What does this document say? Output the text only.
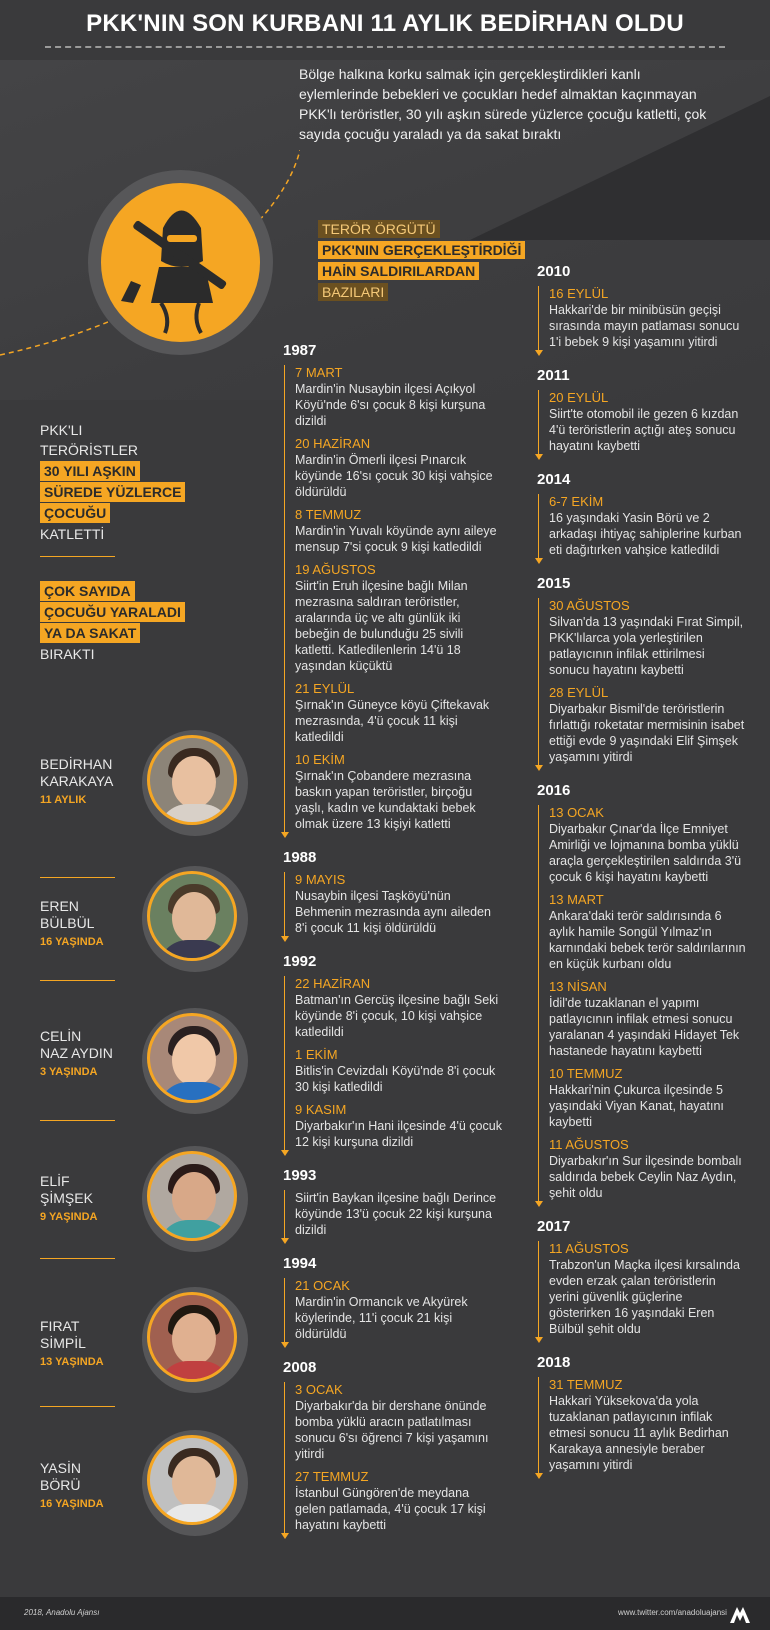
PKK'NIN SON KURBANI 11 AYLIK BEDİRHAN OLDU
Bölge halkına korku salmak için gerçekleştirdikleri kanlı eylemlerinde bebekleri ve çocukları hedef almaktan kaçınmayan PKK'lı teröristler, 30 yılı aşkın sürede yüzlerce çocuğu katletti, çok sayıda çocuğu yaraladı ya da sakat bıraktı
TERÖR ÖRGÜTÜ
PKK'NIN GERÇEKLEŞTİRDİĞİ
HAİN SALDIRILARDAN
BAZILARI
PKK'LI
TERÖRİSTLER
30 YILI AŞKIN
SÜREDE YÜZLERCE
ÇOCUĞU
KATLETTİ
ÇOK SAYIDA
ÇOCUĞU YARALADI
YA DA SAKAT
BIRAKTI
BEDİRHAN
KARAKAYA
11 AYLIK
EREN
BÜLBÜL
16 YAŞINDA
CELİN
NAZ AYDIN
3 YAŞINDA
ELİF
ŞİMŞEK
9 YAŞINDA
FIRAT
SİMPİL
13 YAŞINDA
YASİN
BÖRÜ
16 YAŞINDA
1987
7 MART
Mardin'in Nusaybin ilçesi Açıkyol Köyü'nde 6'sı çocuk 8 kişi kurşuna dizildi
20 HAZİRAN
Mardin'in Ömerli ilçesi Pınarcık köyünde 16'sı çocuk 30 kişi vahşice öldürüldü
8 TEMMUZ
Mardin'in Yuvalı köyünde aynı aileye mensup 7'si çocuk 9 kişi katledildi
19 AĞUSTOS
Siirt'in Eruh ilçesine bağlı Milan mezrasına saldıran teröristler, aralarında üç ve altı günlük iki bebeğin de bulunduğu 25 sivili katletti. Katledilenlerin 14'ü 18 yaşından küçüktü
21 EYLÜL
Şırnak'ın Güneyce köyü Çiftekavak mezrasında, 4'ü çocuk 11 kişi katledildi
10 EKİM
Şırnak'ın Çobandere mezrasına baskın yapan teröristler, birçoğu yaşlı, kadın ve kundaktaki bebek olmak üzere 13 kişiyi katletti
1988
9 MAYIS
Nusaybin ilçesi Taşköyü'nün Behmenin mezrasında aynı aileden 8'i çocuk 11 kişi öldürüldü
1992
22 HAZİRAN
Batman'ın Gercüş ilçesine bağlı Seki köyünde 8'i çocuk, 10 kişi vahşice katledildi
1 EKİM
Bitlis'in Cevizdalı Köyü'nde 8'i çocuk 30 kişi katledildi
9 KASIM
Diyarbakır'ın Hani ilçesinde 4'ü çocuk 12 kişi kurşuna dizildi
1993
Siirt'in Baykan ilçesine bağlı Derince köyünde 13'ü çocuk 22 kişi kurşuna dizildi
1994
21 OCAK
Mardin'in Ormancık ve Akyürek köylerinde, 11'i çocuk 21 kişi öldürüldü
2008
3 OCAK
Diyarbakır'da bir dershane önünde bomba yüklü aracın patlatılması sonucu 6'sı öğrenci 7 kişi yaşamını yitirdi
27 TEMMUZ
İstanbul Güngören'de meydana gelen patlamada, 4'ü çocuk 17 kişi hayatını kaybetti
2010
16 EYLÜL
Hakkari'de bir minibüsün geçişi sırasında mayın patlaması sonucu 1'i bebek 9 kişi yaşamını yitirdi
2011
20 EYLÜL
Siirt'te otomobil ile gezen 6 kızdan 4'ü teröristlerin açtığı ateş sonucu hayatını kaybetti
2014
6-7 EKİM
16 yaşındaki Yasin Börü ve 2 arkadaşı ihtiyaç sahiplerine kurban eti dağıtırken vahşice katledildi
2015
30 AĞUSTOS
Silvan'da 13 yaşındaki Fırat Simpil, PKK'lılarca yola yerleştirilen patlayıcının infilak ettirilmesi sonucu hayatını kaybetti
28 EYLÜL
Diyarbakır Bismil'de teröristlerin fırlattığı roketatar mermisinin isabet ettiği evde 9 yaşındaki Elif Şimşek yaşamını yitirdi
2016
13 OCAK
Diyarbakır Çınar'da İlçe Emniyet Amirliği ve lojmanına bomba yüklü araçla gerçekleştirilen saldırıda 3'ü çocuk 6 kişi hayatını kaybetti
13 MART
Ankara'daki terör saldırısında 6 aylık hamile Songül Yılmaz'ın karnındaki bebek terör saldırılarının en küçük kurbanı oldu
13 NİSAN
İdil'de tuzaklanan el yapımı patlayıcının infilak etmesi sonucu yaralanan 4 yaşındaki Hidayet Tek hastanede hayatını kaybetti
10 TEMMUZ
Hakkari'nin Çukurca ilçesinde 5 yaşındaki Viyan Kanat, hayatını kaybetti
11 AĞUSTOS
Diyarbakır'ın Sur ilçesinde bombalı saldırıda bebek Ceylin Naz Aydın, şehit oldu
2017
11 AĞUSTOS
Trabzon'un Maçka ilçesi kırsalında evden erzak çalan teröristlerin yerini güvenlik güçlerine gösterirken 16 yaşındaki Eren Bülbül şehit oldu
2018
31 TEMMUZ
Hakkari Yüksekova'da yola tuzaklanan patlayıcının infilak etmesi sonucu 11 aylık Bedirhan Karakaya annesiyle beraber yaşamını yitirdi
2018, Anadolu Ajansı	www.twitter.com/anadoluajansi
